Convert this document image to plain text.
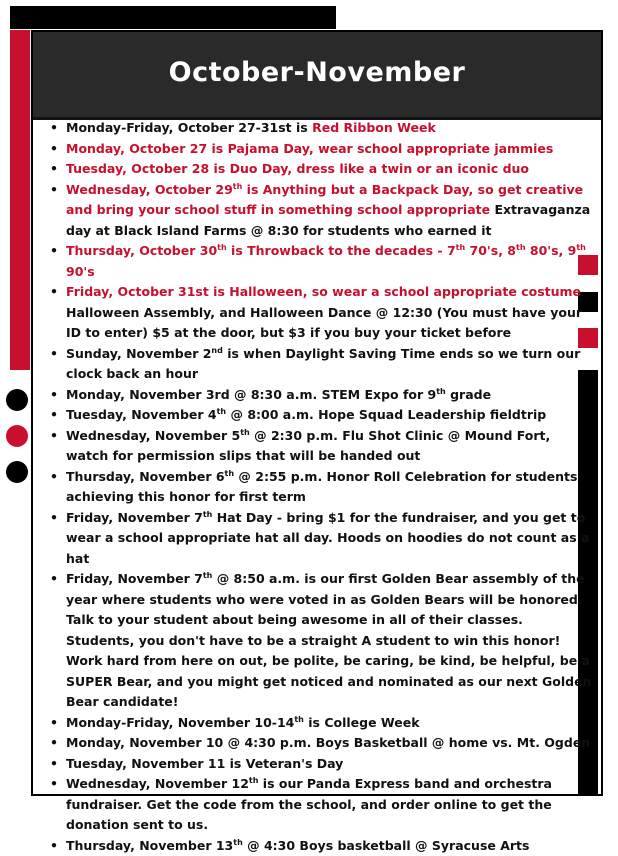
October-November
• Monday-Friday, October 27-31st is Red Ribbon Week
• Monday, October 27 is Pajama Day, wear school appropriate jammies
• Tuesday, October 28 is Duo Day, dress like a twin or an iconic duo
• Wednesday, October 29th is Anything but a Backpack Day, so get creative and bring your school stuff in something school appropriate Extravaganza day at Black Island Farms @ 8:30 for students who earned it
• Thursday, October 30th is Throwback to the decades - 7th 70's, 8th 80's, 9th 90's
• Friday, October 31st is Halloween, so wear a school appropriate costume Halloween Assembly, and Halloween Dance @ 12:30 (You must have your ID to enter) $5 at the door, but $3 if you buy your ticket before
• Sunday, November 2nd is when Daylight Saving Time ends so we turn our clock back an hour
• Monday, November 3rd @ 8:30 a.m. STEM Expo for 9th grade
• Tuesday, November 4th @ 8:00 a.m. Hope Squad Leadership fieldtrip
• Wednesday, November 5th @ 2:30 p.m. Flu Shot Clinic @ Mound Fort, watch for permission slips that will be handed out
• Thursday, November 6th @ 2:55 p.m. Honor Roll Celebration for students achieving this honor for first term
• Friday, November 7th Hat Day - bring $1 for the fundraiser, and you get to wear a school appropriate hat all day. Hoods on hoodies do not count as a hat
• Friday, November 7th @ 8:50 a.m. is our first Golden Bear assembly of the year where students who were voted in as Golden Bears will be honored. Talk to your student about being awesome in all of their classes. Students, you don't have to be a straight A student to win this honor! Work hard from here on out, be polite, be caring, be kind, be helpful, be a SUPER Bear, and you might get noticed and nominated as our next Golden Bear candidate!
• Monday-Friday, November 10-14th is College Week
• Monday, November 10 @ 4:30 p.m. Boys Basketball @ home vs. Mt. Ogden
• Tuesday, November 11 is Veteran's Day
• Wednesday, November 12th is our Panda Express band and orchestra fundraiser. Get the code from the school, and order online to get the donation sent to us.
• Thursday, November 13th @ 4:30 Boys basketball @ Syracuse Arts
